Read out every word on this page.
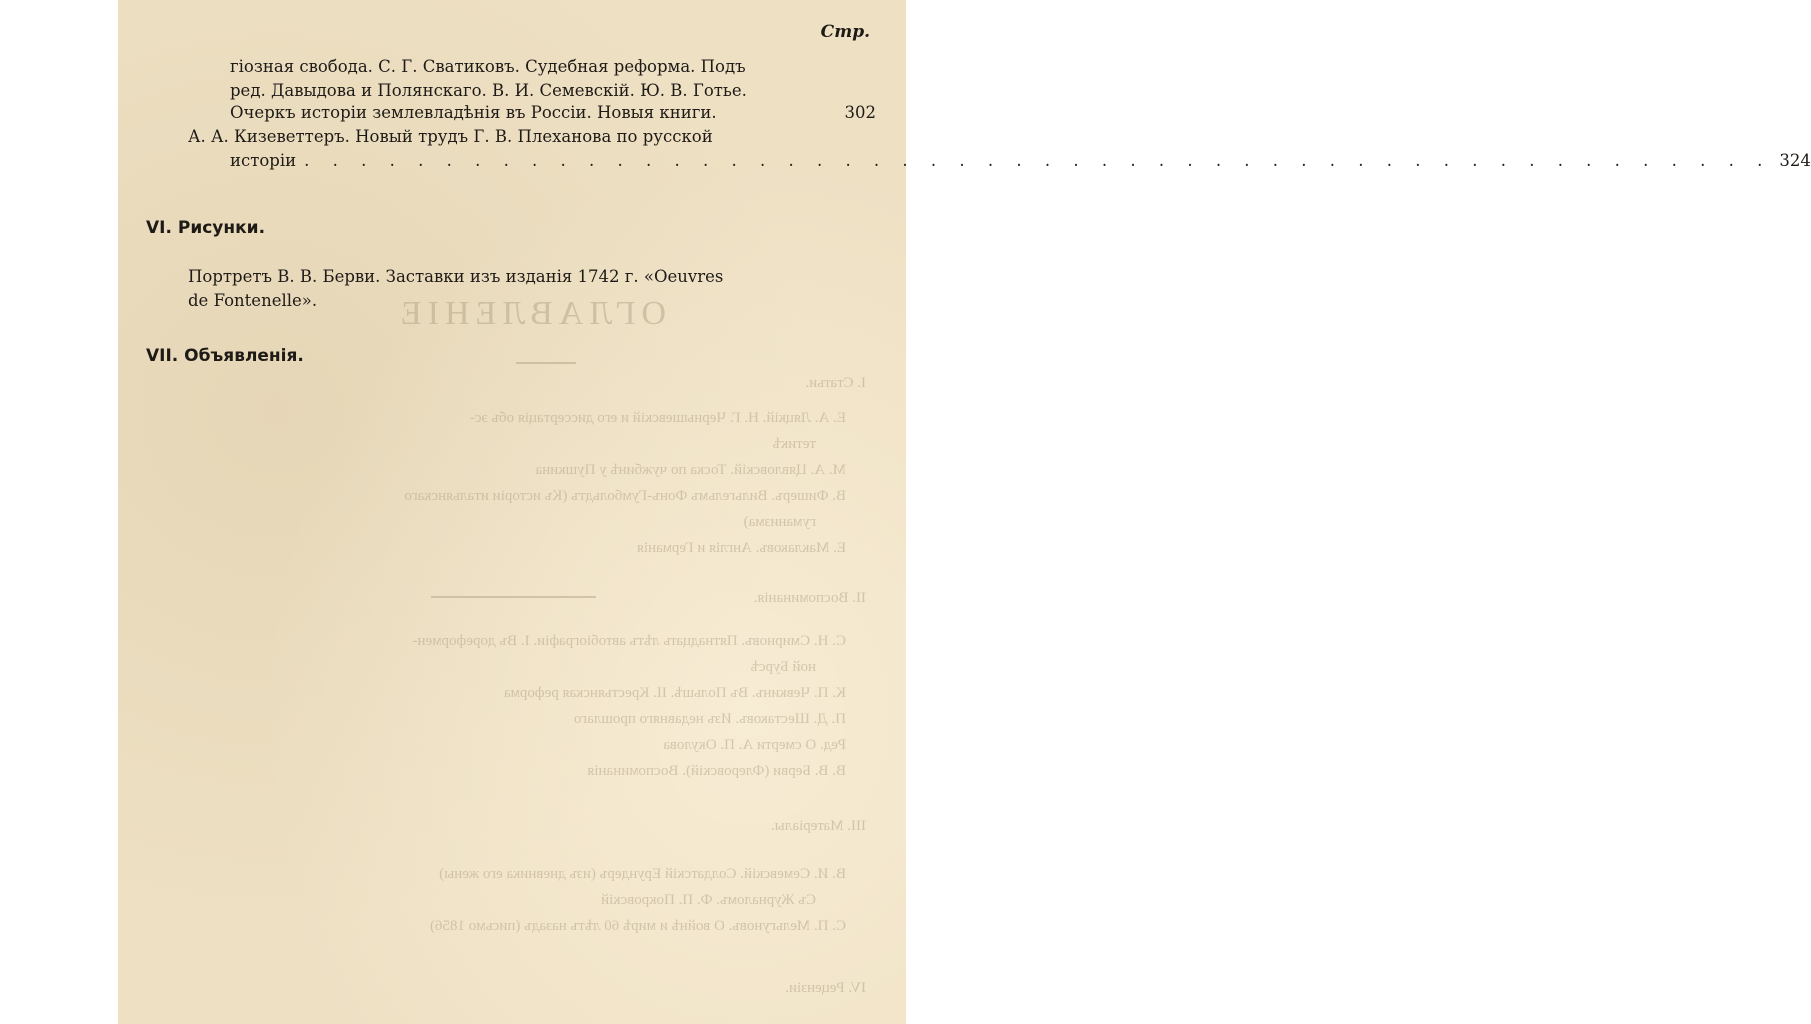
ОГЛАВЛЕНІЕ
I. Статьи.
Е. А. Ляцкій. Н. Г. Чернышевскій и его диссертація объ эс-
тетикѣ
М. А. Цявловскій. Тоска по чужбинѣ у Пушкина
В. Фишеръ. Вильгельмъ Фонъ-Гумбольдтъ (Къ исторіи итальянскаго
гуманизма)
Е. Маклаковъ. Англія и Германія
II. Воспоминанія.
С. Н. Смирновъ. Пятнадцать лѣтъ автобіографіи. I. Въ дореформен-
ной Бурсѣ
К. П. Чевкинъ. Въ Польшѣ. II. Крестьянская реформа
П. Д. Шестаковъ. Изъ недавняго прошлаго
Ред. О смерти А. П. Окулова
В. В. Берви (Флеровскій). Воспоминанія
III. Матеріалы.
В. И. Семевскій. Солдатскій Ерундеръ (изъ дневника его жены)
Съ Журналомъ. Ф. П. Покровскій
С. П. Мельгуновъ. О войнѣ и мирѣ 60 лѣтъ назадъ (письмо 1856)
IV. Рецензіи.
Стр.
гіозная свобода. С. Г. Сватиковъ. Судебная реформа. Подъ
ред. Давыдова и Полянскаго. В. И. Семевскій. Ю. В. Готье.
Очеркъ исторіи землевладѣнія въ Россіи. Новыя книги.	302
А. А. Кизеветтеръ. Новый трудъ Г. В. Плеханова по русской
исторіи . . . . . . . . . . . . . . . . . . . . . . . . . . . . . . . . . . . . . . . . . . . . . . . . . . . . 324
VI. Рисунки.
Портретъ В. В. Берви. Заставки изъ изданія 1742 г. «Oeuvres
de Fontenelle».
VII. Объявленія.
